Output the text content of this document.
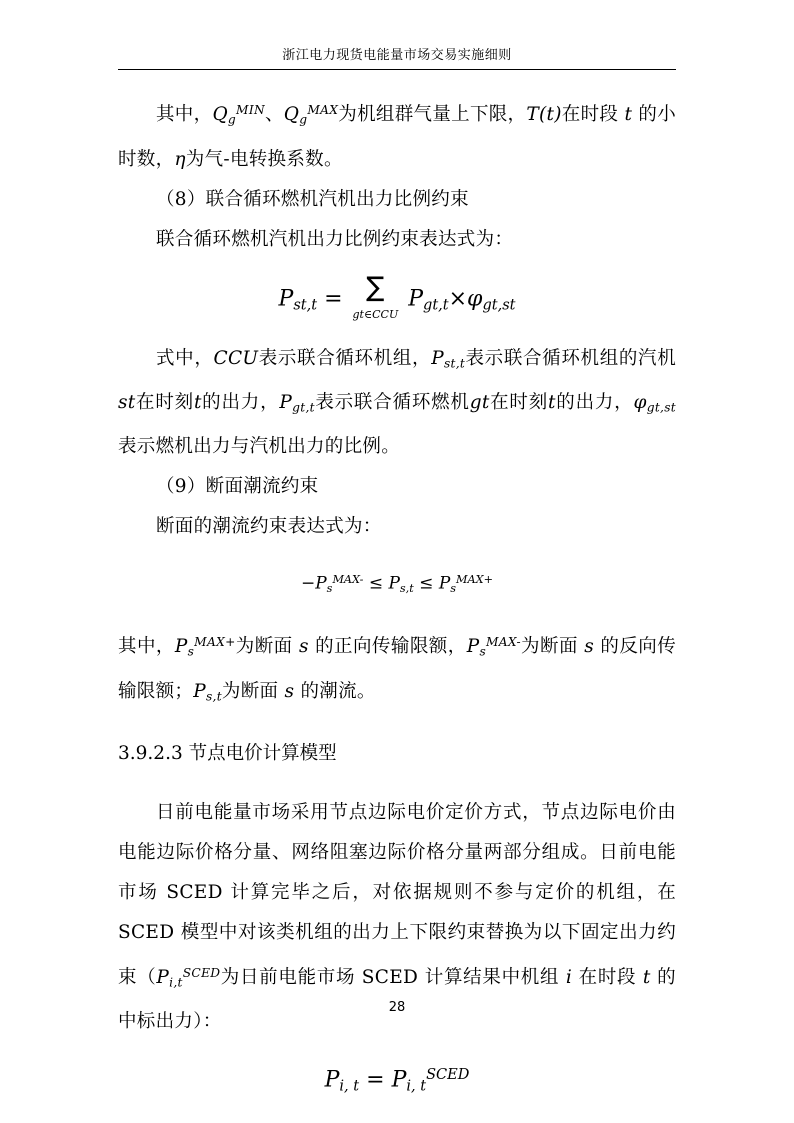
浙江电力现货电能量市场交易实施细则

其中，$Q_g^{MIN}$、$Q_g^{MAX}$为机组群气量上下限，T(t)在时段 t 的小时数，η为气-电转换系数。

（8）联合循环燃机汽机出力比例约束

联合循环燃机汽机出力比例约束表达式为：

$P_{st,t}$ = ∑
gt∈CCU $P_{gt,t}\times\varphi_{gt,st}$

式中，CCU表示联合循环机组，$P_{st,t}$表示联合循环机组的汽机st在时刻t的出力，$P_{gt,t}$表示联合循环燃机gt在时刻t的出力，$\varphi_{gt,st}$表示燃机出力与汽机出力的比例。

（9）断面潮流约束

断面的潮流约束表达式为：

$-P_s^{MAX-} \le P_{s,t} \le P_s^{MAX+}$

其中，$P_s^{MAX+}$为断面 s 的正向传输限额，$P_s^{MAX-}$为断面 s 的反向传输限额；$P_{s,t}$为断面 s 的潮流。

3.9.2.3 节点电价计算模型

日前电能量市场采用节点边际电价定价方式，节点边际电价由电能边际价格分量、网络阻塞边际价格分量两部分组成。日前电能市场 SCED 计算完毕之后，对依据规则不参与定价的机组，在 SCED 模型中对该类机组的出力上下限约束替换为以下固定出力约束（$P_{i,t}^{SCED}$为日前电能市场 SCED 计算结果中机组 i 在时段 t 的中标出力）：

$P_{i, t} = P_{i, t}^{SCED}$
28
